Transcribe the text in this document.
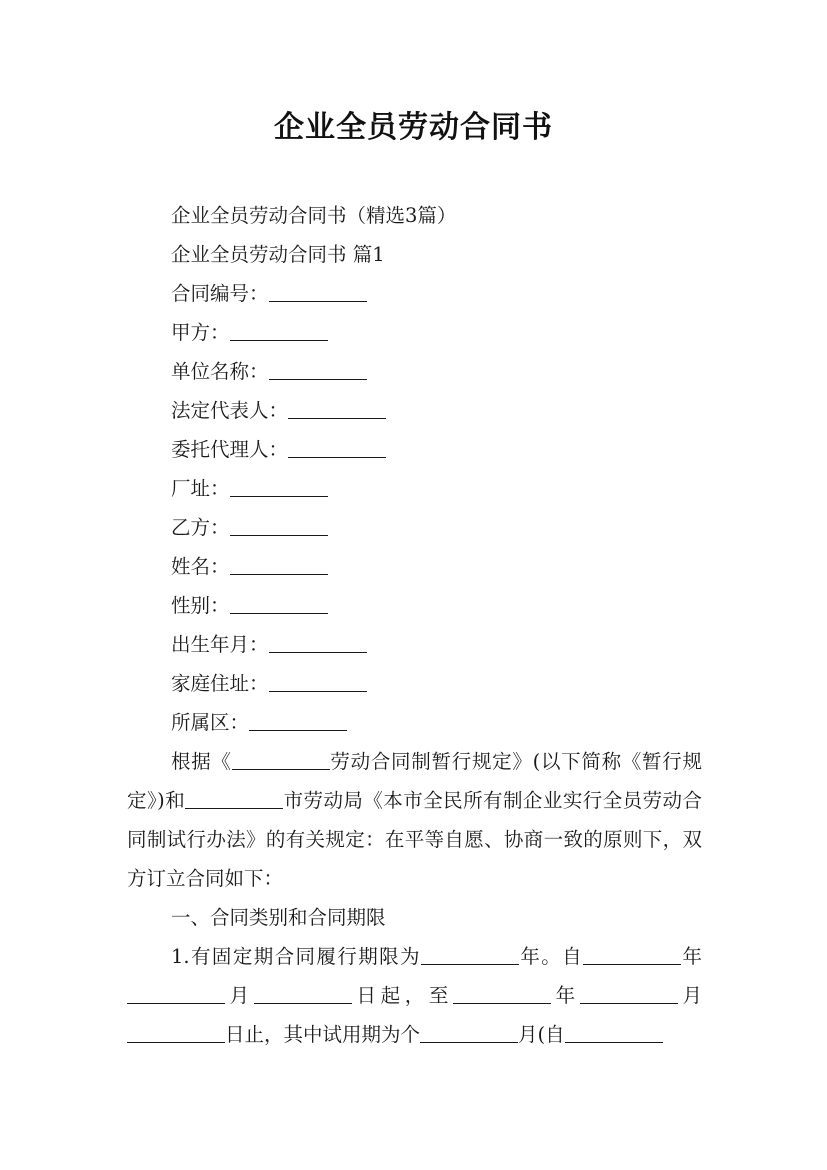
企业全员劳动合同书

企业全员劳动合同书（精选3篇）

企业全员劳动合同书 篇1

合同编号：

甲方：

单位名称：

法定代表人：

委托代理人：

厂址：

乙方：

姓名：

性别：

出生年月：

家庭住址：

所属区：

根据《	劳动合同制暂行规定》(以下简称《暂行规定》)和	市劳动局《本市全民所有制企业实行全员劳动合同制试行办法》的有关规定：在平等自愿、协商一致的原则下，双方订立合同如下：

一、合同类别和合同期限

1.有固定期合同履行期限为	年。自	年月	日起，至	年	月日止，其中试用期为个	月(自
